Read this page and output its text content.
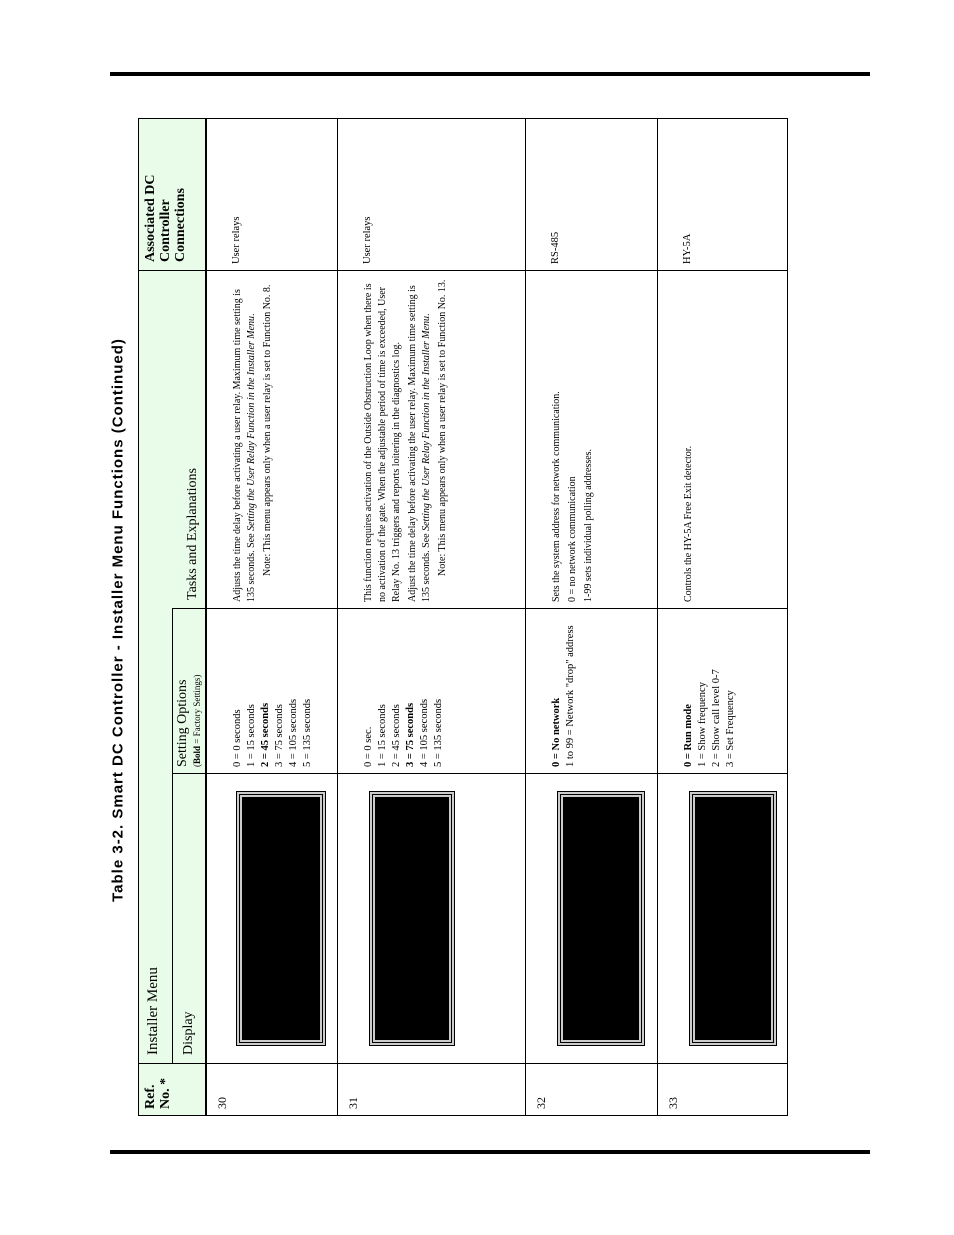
Table 3-2. Smart DC Controller - Installer Menu Functions (Continued)
Ref. No. *
Installer Menu	Display
Setting Options (Bold = Factory Settings)
Tasks and Explanations
Associated DC Controller Connections
30
0 = 0 seconds 1 = 15 seconds 2 = 45 seconds 3 = 75 seconds 4 = 105 seconds 5 = 135 seconds

Adjusts the time delay before activating a user relay. Maximum time setting is 135 seconds. See Setting the User Relay Function in the Installer Menu. Note: This menu appears only when a user relay is set to Function No. 8.

User relays
31
0 = 0 sec. 1 = 15 seconds 2 = 45 seconds 3 = 75 seconds 4 = 105 seconds 5 = 135 seconds

This function requires activation of the Outside Obstruction Loop when there is no activation of the gate. When the adjustable period of time is exceeded, User Relay No. 13 triggers and reports loitering in the diagnostics log. Adjust the time delay before activating the user relay. Maximum time setting is 135 seconds. See Setting the User Relay Function in the Installer Menu. Note: This menu appears only when a user relay is set to Function No. 13.

User relays
32
0 = No network 1 to 99 = Network "drop" address

Sets the system address for network communication. 0 = no network communication 1-99 sets individual polling addresses.

RS-485
33
0 = Run mode 1 = Show frequency 2 = Show call level 0-7 3 = Set Frequency

Controls the HY-5A Free Exit detector.

HY-5A
